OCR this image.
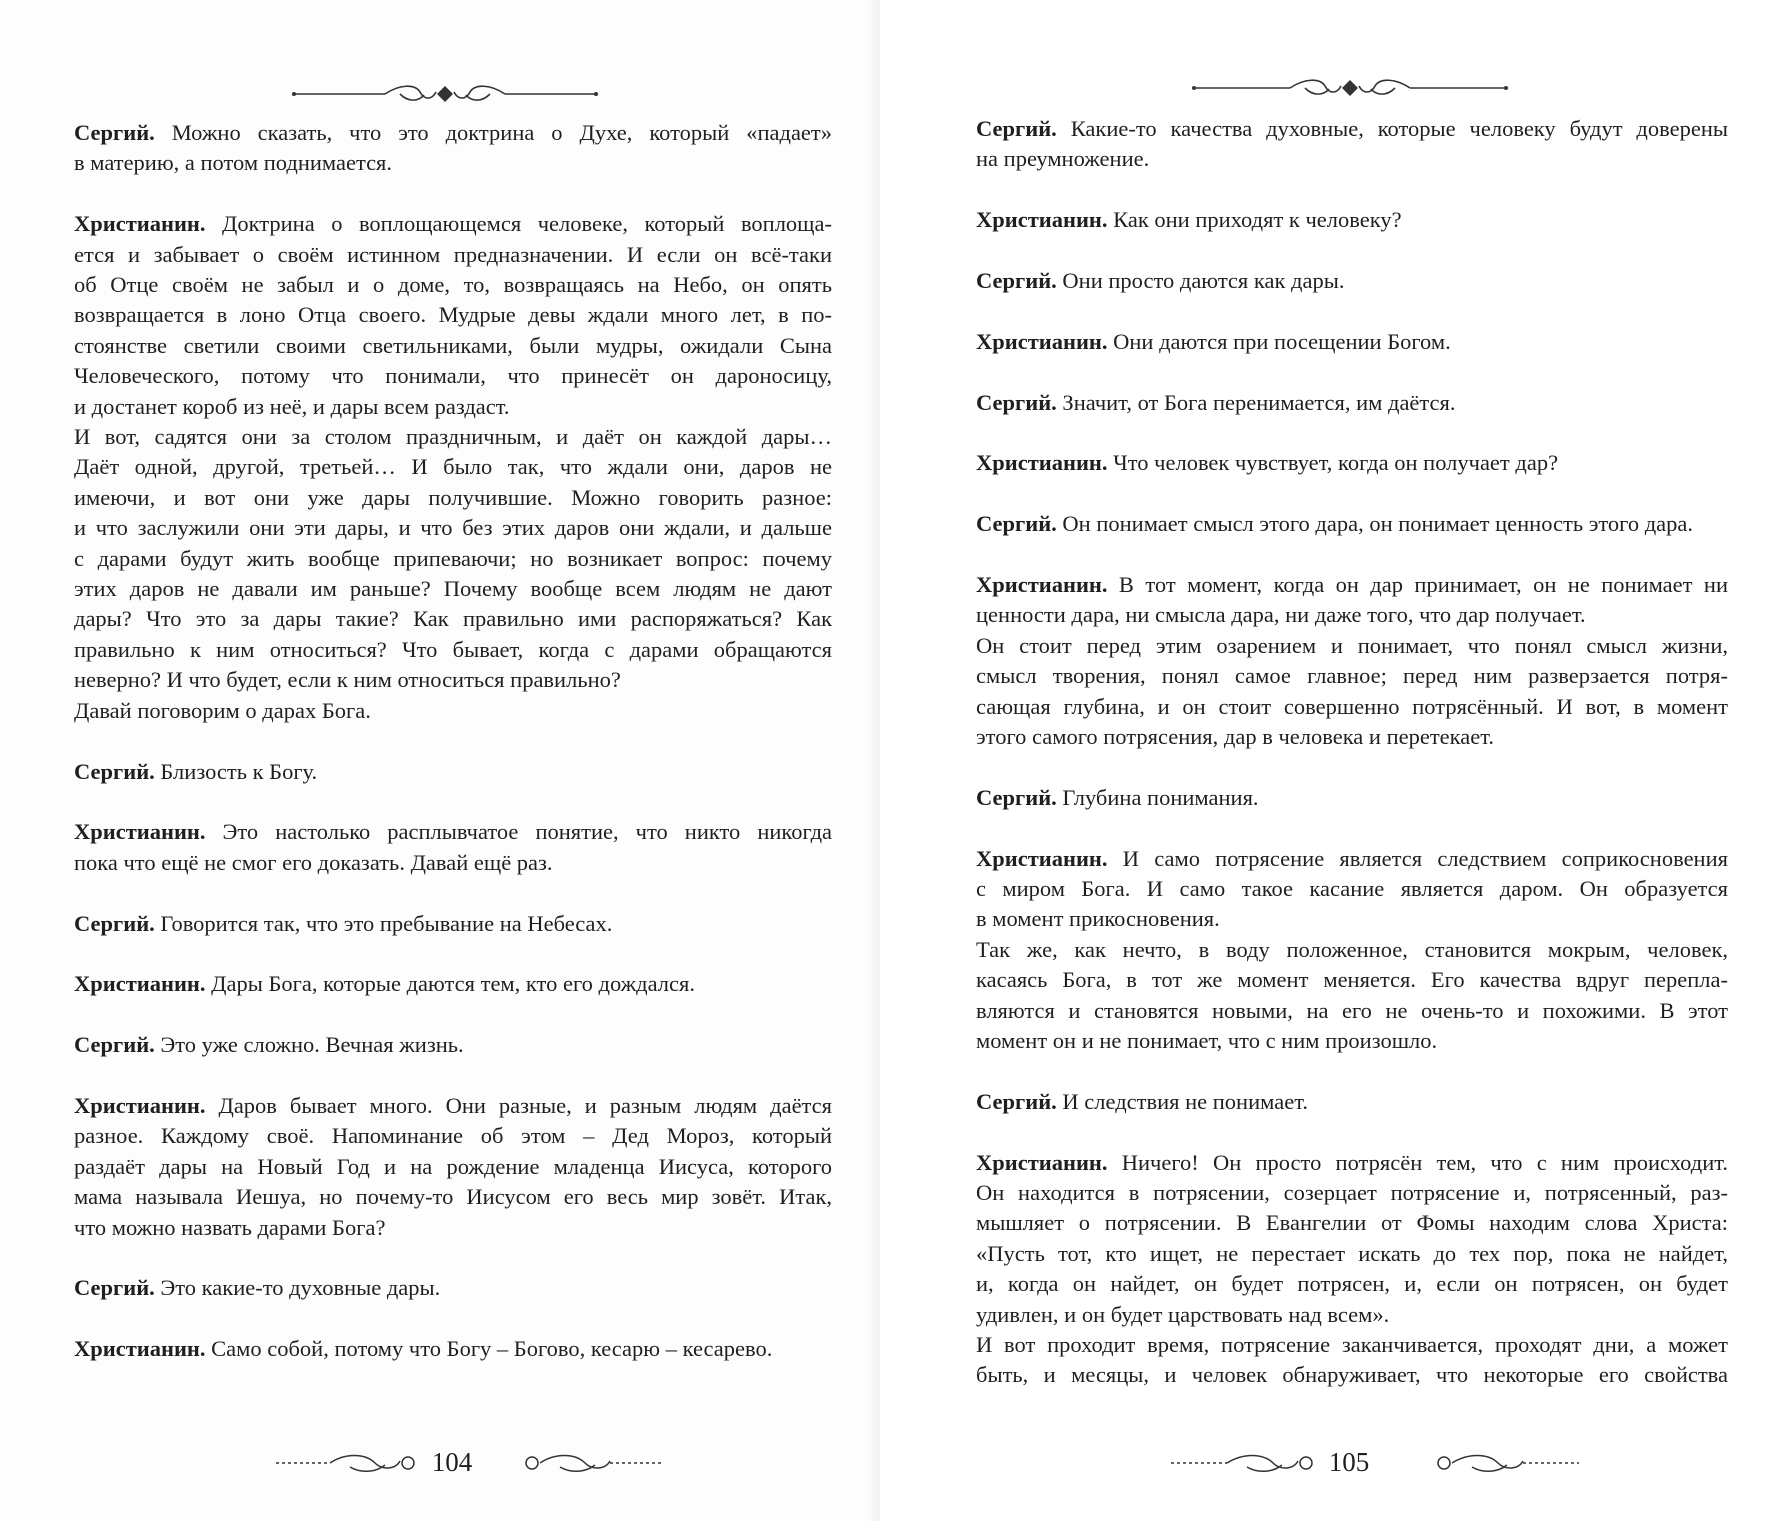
Сергий. Можно сказать, что это доктрина о Духе, который «падает»
в материю, а потом поднимается.
Христианин. Доктрина о воплощающемся человеке, который воплоща-
ется и забывает о своём истинном предназначении. И если он всё-таки
об Отце своём не забыл и о доме, то, возвращаясь на Небо, он опять
возвращается в лоно Отца своего. Мудрые девы ждали много лет, в по-
стоянстве светили своими светильниками, были мудры, ожидали Сына
Человеческого, потому что понимали, что принесёт он дароносицу,
и достанет короб из неё, и дары всем раздаст.
И вот, садятся они за столом праздничным, и даёт он каждой дары…
Даёт одной, другой, третьей… И было так, что ждали они, даров не
имеючи, и вот они уже дары получившие. Можно говорить разное:
и что заслужили они эти дары, и что без этих даров они ждали, и дальше
с дарами будут жить вообще припеваючи; но возникает вопрос: почему
этих даров не давали им раньше? Почему вообще всем людям не дают
дары? Что это за дары такие? Как правильно ими распоряжаться? Как
правильно к ним относиться? Что бывает, когда с дарами обращаются
неверно? И что будет, если к ним относиться правильно?
Давай поговорим о дарах Бога.
Сергий. Близость к Богу.
Христианин. Это настолько расплывчатое понятие, что никто никогда
пока что ещё не смог его доказать. Давай ещё раз.
Сергий. Говорится так, что это пребывание на Небесах.
Христианин. Дары Бога, которые даются тем, кто его дождался.
Сергий. Это уже сложно. Вечная жизнь.
Христианин. Даров бывает много. Они разные, и разным людям даётся
разное. Каждому своё. Напоминание об этом – Дед Мороз, который
раздаёт дары на Новый Год и на рождение младенца Иисуса, которого
мама называла Иешуа, но почему-то Иисусом его весь мир зовёт. Итак,
что можно назвать дарами Бога?
Сергий. Это какие-то духовные дары.
Христианин. Само собой, потому что Богу – Богово, кесарю – кесарево.
104
Сергий. Какие-то качества духовные, которые человеку будут доверены
на преумножение.
Христианин. Как они приходят к человеку?
Сергий. Они просто даются как дары.
Христианин. Они даются при посещении Богом.
Сергий. Значит, от Бога перенимается, им даётся.
Христианин. Что человек чувствует, когда он получает дар?
Сергий. Он понимает смысл этого дара, он понимает ценность этого дара.
Христианин. В тот момент, когда он дар принимает, он не понимает ни
ценности дара, ни смысла дара, ни даже того, что дар получает.
Он стоит перед этим озарением и понимает, что понял смысл жизни,
смысл творения, понял самое главное; перед ним разверзается потря-
сающая глубина, и он стоит совершенно потрясённый. И вот, в момент
этого самого потрясения, дар в человека и перетекает.
Сергий. Глубина понимания.
Христианин. И само потрясение является следствием соприкосновения
с миром Бога. И само такое касание является даром. Он образуется
в момент прикосновения.
Так же, как нечто, в воду положенное, становится мокрым, человек,
касаясь Бога, в тот же момент меняется. Его качества вдруг перепла-
вляются и становятся новыми, на его не очень-то и похожими. В этот
момент он и не понимает, что с ним произошло.
Сергий. И следствия не понимает.
Христианин. Ничего! Он просто потрясён тем, что с ним происходит.
Он находится в потрясении, созерцает потрясение и, потрясенный, раз-
мышляет о потрясении. В Евангелии от Фомы находим слова Христа:
«Пусть тот, кто ищет, не перестает искать до тех пор, пока не найдет,
и, когда он найдет, он будет потрясен, и, если он потрясен, он будет
удивлен, и он будет царствовать над всем».
И вот проходит время, потрясение заканчивается, проходят дни, а может
быть, и месяцы, и человек обнаруживает, что некоторые его свойства
105
